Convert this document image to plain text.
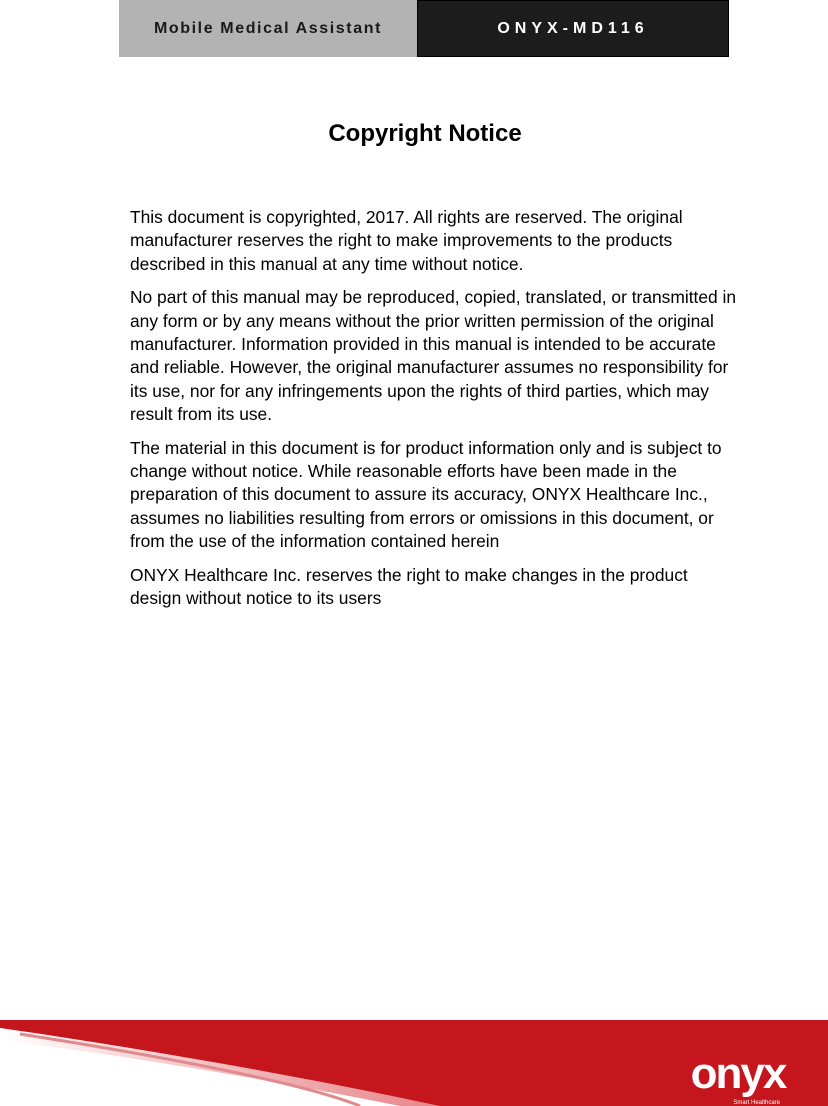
Mobile Medical Assistant	ONYX-MD116
Copyright Notice

This document is copyrighted, 2017. All rights are reserved. The original manufacturer reserves the right to make improvements to the products described in this manual at any time without notice.

No part of this manual may be reproduced, copied, translated, or transmitted in any form or by any means without the prior written permission of the original manufacturer. Information provided in this manual is intended to be accurate and reliable. However, the original manufacturer assumes no responsibility for its use, nor for any infringements upon the rights of third parties, which may result from its use.

The material in this document is for product information only and is subject to change without notice. While reasonable efforts have been made in the preparation of this document to assure its accuracy, ONYX Healthcare Inc., assumes no liabilities resulting from errors or omissions in this document, or from the use of the information contained herein

ONYX Healthcare Inc. reserves the right to make changes in the product design without notice to its users

onyx
Smart Healthcare
